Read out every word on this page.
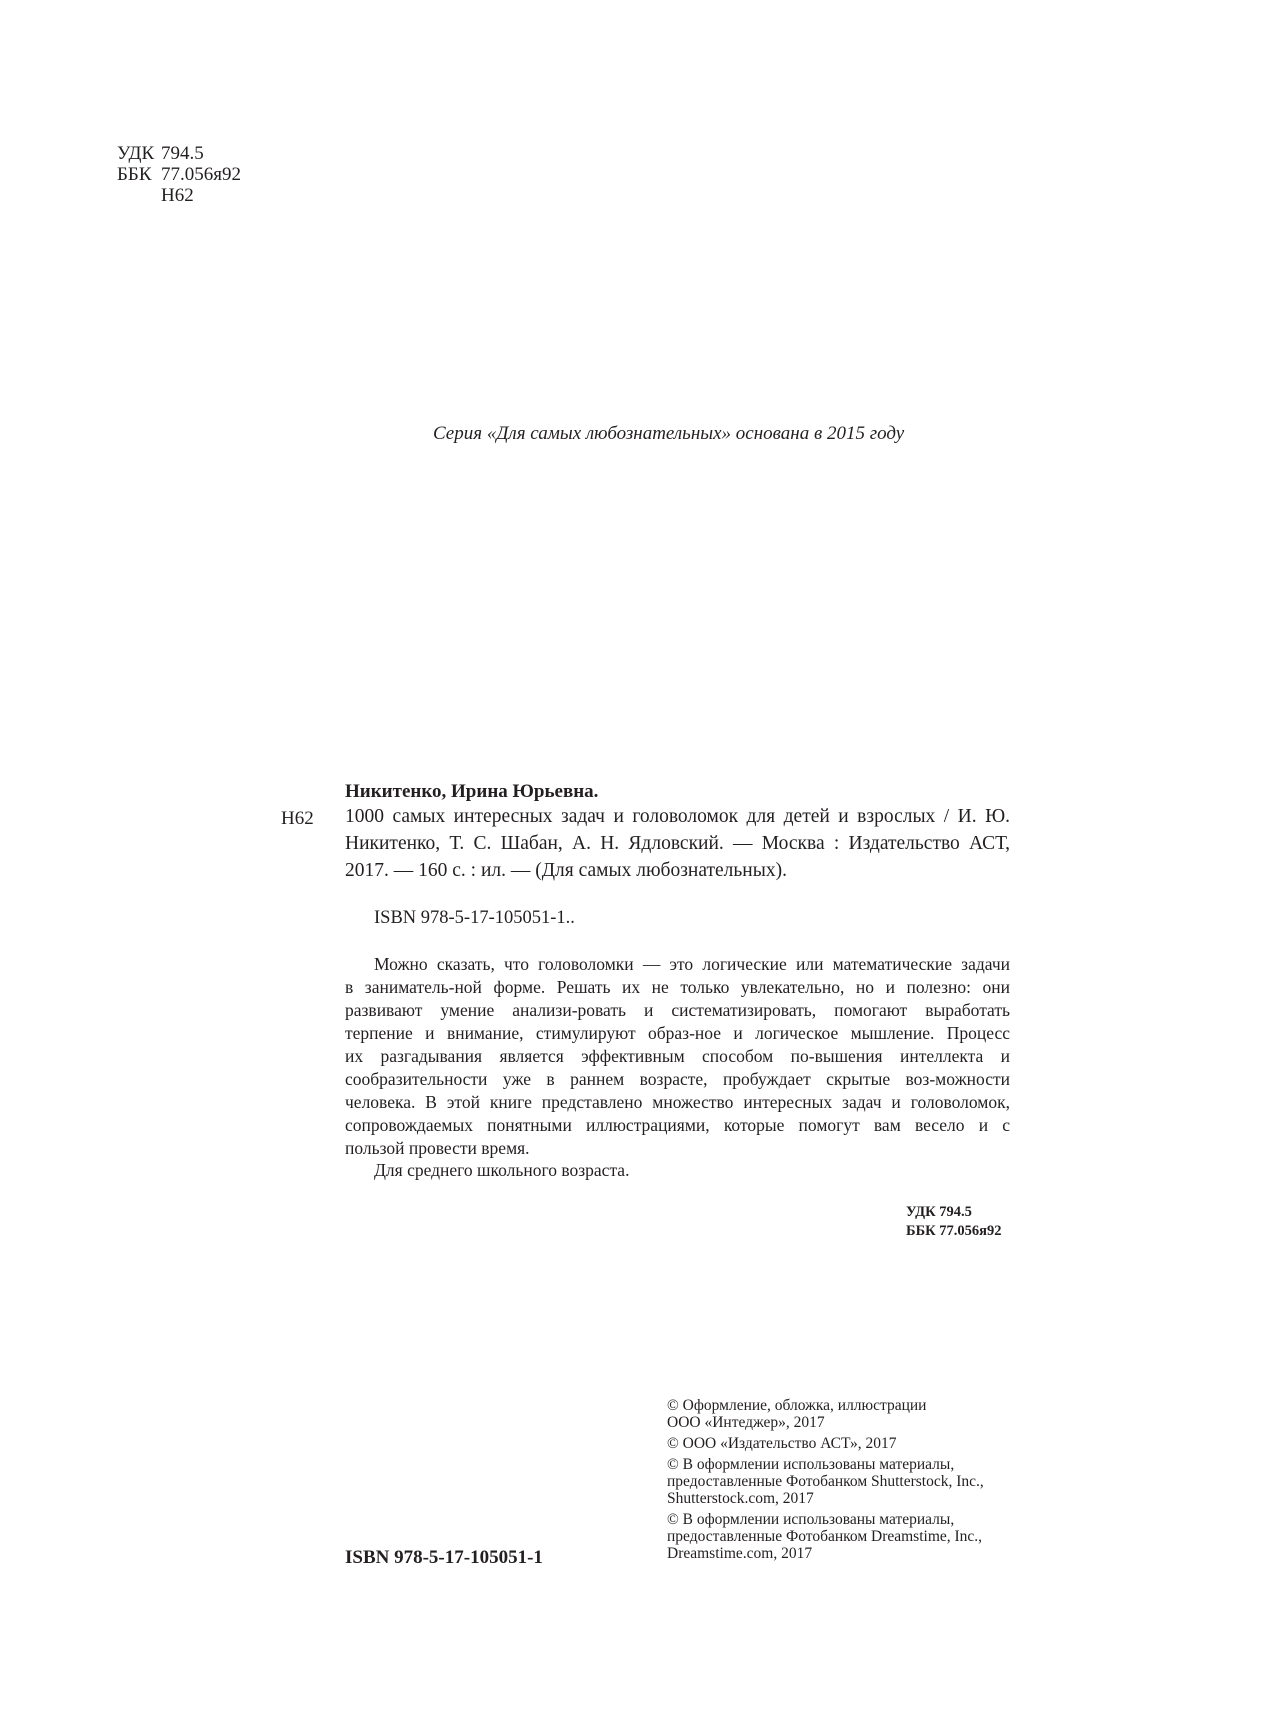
УДК 794.5
ББК 77.056я92
Н62
Серия «Для самых любознательных» основана в 2015 году
Никитенко, Ирина Юрьевна.
Н62 1000 самых интересных задач и головоломок для детей и взрослых / И. Ю.
Никитенко, Т. С. Шабан, А. Н. Ядловский. — Москва : Издательство АСТ,
2017. — 160 с. : ил. — (Для самых любознательных).
ISBN 978-5-17-105051-1..
Можно сказать, что головоломки — это логические или математические задачи
в заниматель-ной форме. Решать их не только увлекательно, но и полезно: они
развивают умение анализи-ровать и систематизировать, помогают выработать
терпение и внимание, стимулируют образ-ное и логическое мышление. Процесс
их разгадывания является эффективным способом по-вышения интеллекта и
сообразительности уже в раннем возрасте, пробуждает скрытые воз-можности
человека. В этой книге представлено множество интересных задач и головоломок,
сопровождаемых понятными иллюстрациями, которые помогут вам весело и с
пользой провести время.
Для среднего школьного возраста.
УДК 794.5
ББК 77.056я92
© Оформление, обложка, иллюстрации
ООО «Интеджер», 2017
© ООО «Издательство АСТ», 2017
© В оформлении использованы материалы,
предоставленные Фотобанком Shutterstock, Inc.,
Shutterstock.com, 2017
© В оформлении использованы материалы,
предоставленные Фотобанком Dreamstime, Inc.,
Dreamstime.com, 2017
ISBN 978-5-17-105051-1
